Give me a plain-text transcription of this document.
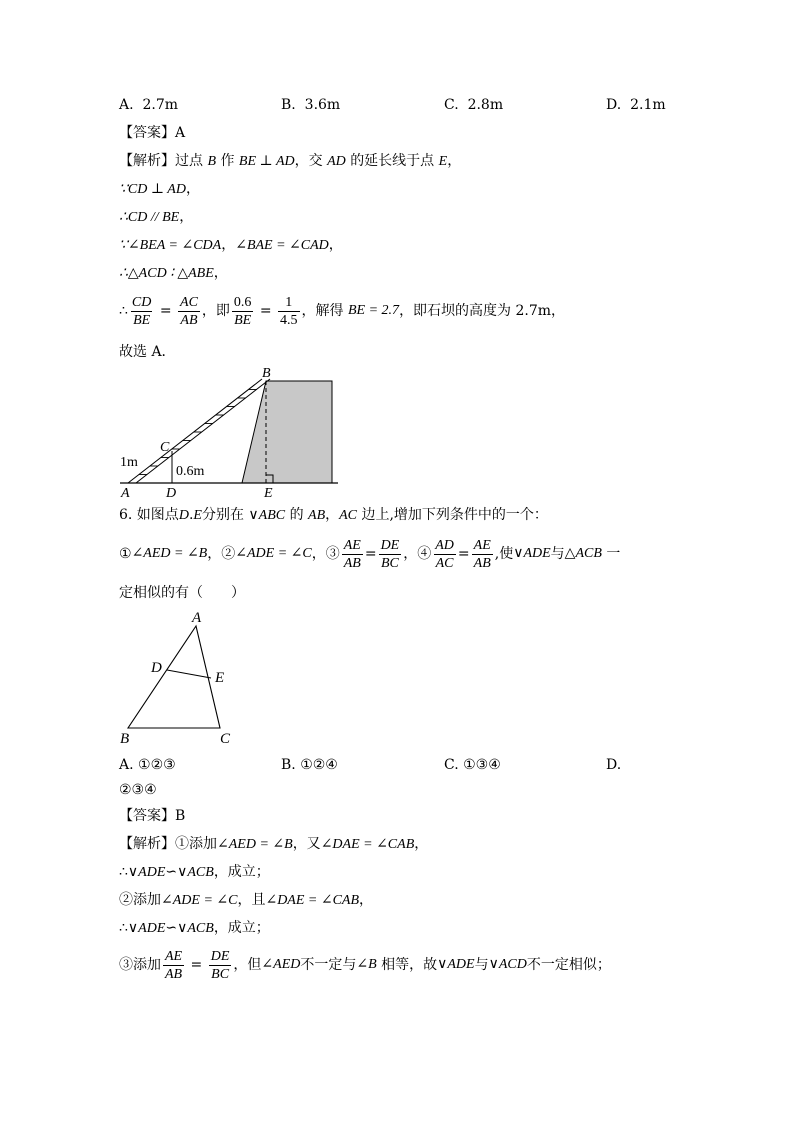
A. 2.7m	B. 3.6m	C. 2.8m	D. 2.1m
【答案】A
【解析】过点 B 作 BE ⊥ AD，交 AD 的延长线于点 E，
∵CD ⊥ AD，
∴CD // BE，
∵∠BEA = ∠CDA，∠BAE = ∠CAD，
∴△ACD ∶ △ABE，
∴ $\frac{CD}{BE} = \frac{AC}{AB}$ ，即 $\frac{0.6}{BE} = \frac{1}{4.5}$ ，解得
BE = 2.7 ，即石坝的高度为 2.7m，
故选 A．
B
C
A	D	E
1m
0.6m
6. 如图点D.E分别在 ∨ABC 的 AB，AC 边上,增加下列条件中的一个：
① ∠AED = ∠B ，② ∠ADE = ∠C ，③ $\frac{AE}{AB} = \frac{DE}{BC}$ ，④ $\frac{AD}{AC} = \frac{AE}{AB}$ ,使 ∨ADE 与 △ACB
一
定相似的有（　　）
A
D
E
B	C
A. ①②③	B. ①②④	C. ①③④	D.
②③④
【答案】B
【解析】①添加∠AED = ∠B，又∠DAE = ∠CAB，
∴∨ADE∽∨ACB，成立；
②添加∠ADE = ∠C，且∠DAE = ∠CAB，
∴∨ADE∽∨ACB，成立；
③添加 $\frac{AE}{AB} = \frac{DE}{BC}$ ，但 ∠AED 不一定与 ∠B
相等，故 ∨ADE 与 ∨ACD 不一定相似；
